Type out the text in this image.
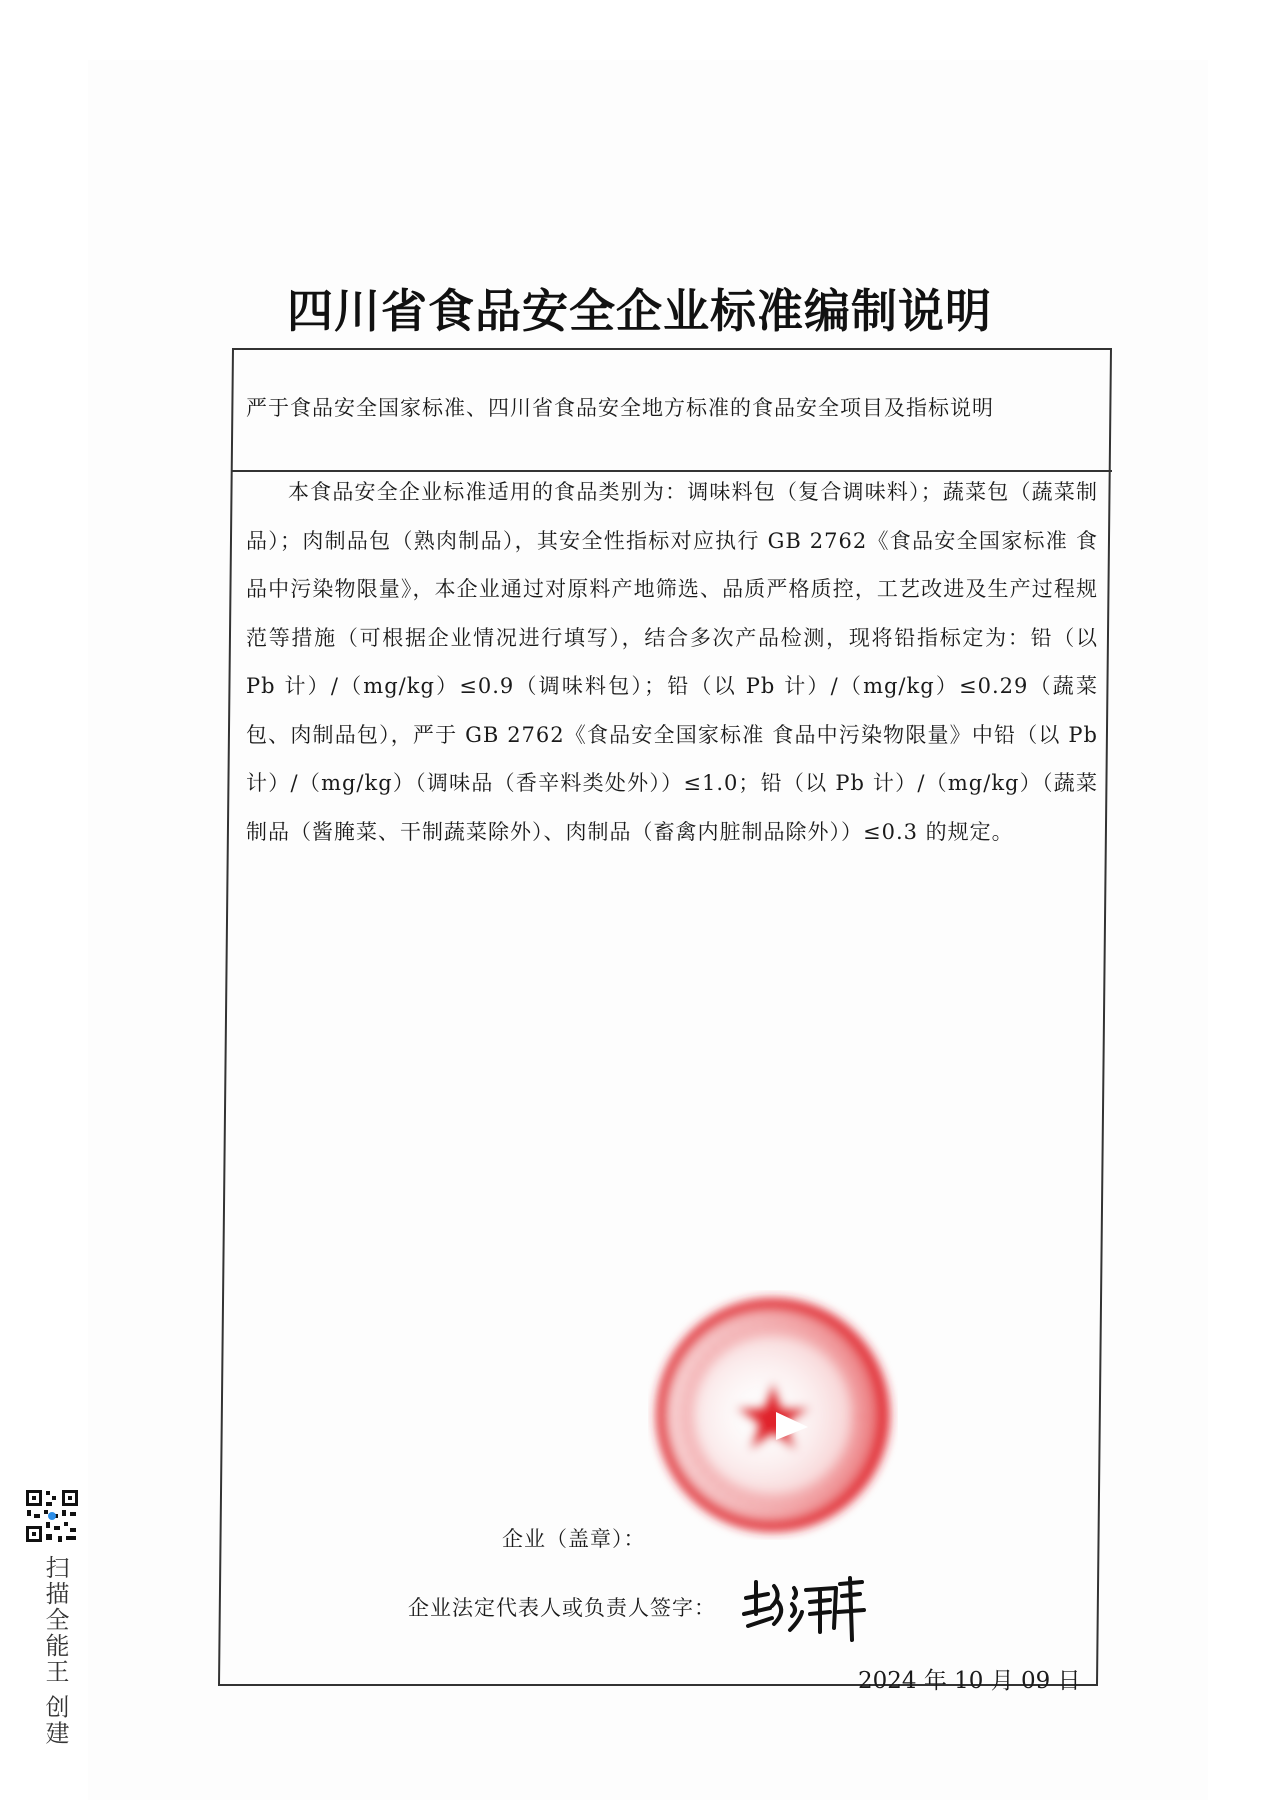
四川省食品安全企业标准编制说明
严于食品安全国家标准、四川省食品安全地方标准的食品安全项目及指标说明
本食品安全企业标准适用的食品类别为：调味料包（复合调味料）；蔬菜包（蔬菜制品）；肉制品包（熟肉制品），其安全性指标对应执行 GB 2762《食品安全国家标准 食品中污染物限量》，本企业通过对原料产地筛选、品质严格质控，工艺改进及生产过程规范等措施（可根据企业情况进行填写），结合多次产品检测，现将铅指标定为：铅（以 Pb 计）/（mg/kg）≤0.9（调味料包）；铅（以 Pb 计）/（mg/kg）≤0.29（蔬菜包、肉制品包），严于 GB 2762《食品安全国家标准 食品中污染物限量》中铅（以 Pb 计）/（mg/kg）（调味品（香辛料类处外））≤1.0；铅（以 Pb 计）/（mg/kg）（蔬菜制品（酱腌菜、干制蔬菜除外）、肉制品（畜禽内脏制品除外））≤0.3 的规定。
企业（盖章）：
企业法定代表人或负责人签字：
2024 年 10 月 09 日
扫描全能王 创建
